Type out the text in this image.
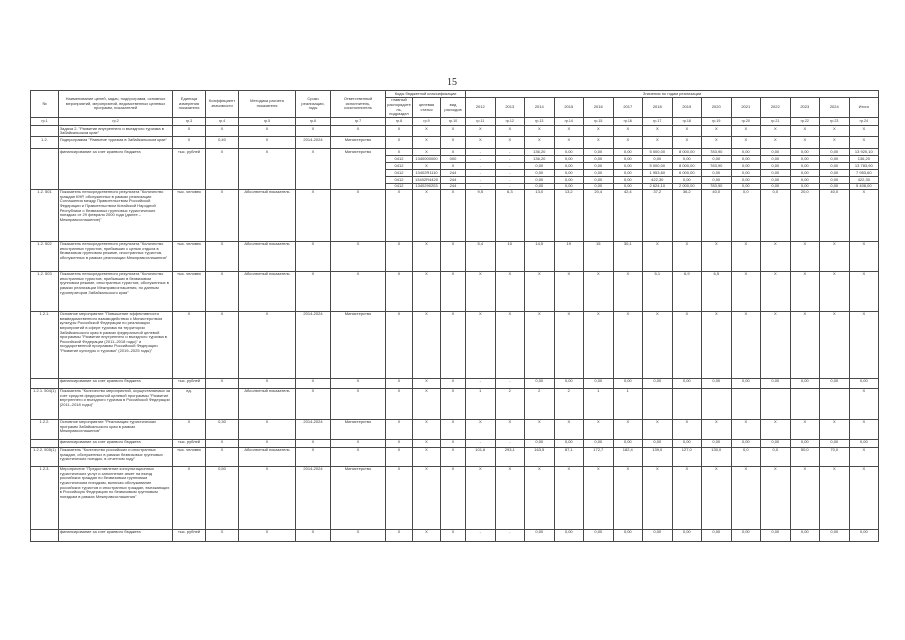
15
№	Наименование целей, задач, подпрограмм, основных мероприятий, мероприятий, ведомственных целевых программ, показателей	Единица измерения показателя	Коэффициент значимости	Методика расчета показателя	Сроки реализации, годы	Ответственный исполнитель, соисполнитель	Коды бюджетной классификации			Значения по годам реализации													
							главный распорядитель, подраздел	целевая статья	вид расходов	2012	2013	2014	2015	2016	2017	2018	2019	2020	2021	2022	2023	2024	Итого
гр.1	гр.2	гр.3	гр.4	гр.5	гр.6	гр.7	гр.8	гр.9	гр.10	гр.11	гр.12	гр.13	гр.14	гр.15	гр.16	гр.17	гр.18	гр.19	гр.20	гр.21	гр.22	гр.23	гр.24
	Задача 2. "Развитие внутреннего и въездного туризма в Забайкальском крае"	Х	Х	Х	Х	Х	Х	Х	Х	Х	Х	Х	Х	Х	Х	Х	Х	Х	Х	Х	Х	Х	Х
1.2.	Подпрограмма "Развитие туризма в Забайкальском крае"	Х	0,40	Х	2014-2024	Министерство	Х	Х	Х	Х	Х	Х	Х	Х	Х	Х	Х	Х	Х	Х	Х	Х	Х
	финансирование за счет краевого бюджета	тыс. рублей	Х	Х	Х	Министерство	Х	Х	Х	-	-	136,20	0,00	0,00	0,00	5 000,00	8 000,00	783,90	0,00	0,00	0,00	0,00	13 920,10
							0412	1340000000	000	-	-	136,20	0,00	0,00	0,00	0,00	0,00	0,00	0,00	0,00	0,00	0,00	136,20
							0412	Х	Х	-	-	0,00	0,00	0,00	0,00	5 000,00	8 000,00	783,90	0,00	0,00	0,00	0,00	13 783,90
							0412	13402R1110	244	-	-	0,00	0,00	0,00	0,00	1 953,60	6 000,00	0,00	0,00	0,00	0,00	0,00	7 953,60
							0412	13402R4420	244	-	-	0,00	0,00	0,00	0,00	422,30	0,00	0,00	0,00	0,00	0,00	0,00	422,30
							0412	1340290203	244	-	-	0,00	0,00	0,00	0,00	2 624,10	2 000,00	783,90	0,00	0,00	0,00	0,00	5 408,00
1.2. 501	Показатель непосредственного результата "Количество граждан КНР, обслуженных в рамках реализации Соглашения между Правительством Российской Федерации и Правительством Китайской Народной Республики о безвизовых групповых туристических поездках от 29 февраля 2000 года (далее – Межправсоглашение)"	тыс. человек	Х	Абсолютный показатель	Х	Х	Х	Х	Х	9,5	6,3	13,0	13,2	20,4	42,4	37,2	36,2	40,0	0,0	0,0	20,0	40,0	Х
1.2. 502	Показатель непосредственного результата "Количество иностранных туристов, прибывших с целью отдыха в безвизовом групповом режиме, иностранных туристов, обслуженных в рамках реализации Межправсоглашения"	тыс. человек	Х	Абсолютный показатель	Х	Х	Х	Х	Х	5,4	10	14,5	19	15	30,1	Х	Х	Х	Х	Х	Х	Х	Х
1.2. 503	Показатель непосредственного результата "Количество иностранных туристов, прибывших в безвизовом групповом режиме, иностранных туристов, обслуженных в рамках реализации Межправсоглашения, по данным туроператоров Забайкальского края"	тыс. человек	Х	Абсолютный показатель	Х	Х	Х	Х	Х	Х	Х	Х	Х	Х	Х	5,1	6,9	6,5	Х	Х	Х	Х	Х
1.2.1.	Основное мероприятие "Повышение эффективности межведомственного взаимодействия с Министерством культуры Российской Федерации по реализации мероприятий в сфере туризма на территории Забайкальского края в рамках федеральной целевой программы "Развитие внутреннего и въездного туризма в Российской Федерации (2011–2018 годы)" и государственной программы Российской Федерации "Развитие культуры и туризма" (2019–2025 годы)"	Х	Х	Х	2014-2024	Министерство	Х	Х	Х	Х	Х	Х	Х	Х	Х	Х	Х	Х	Х	Х	Х	Х	Х
	финансирование за счет краевого бюджета	тыс. рублей	Х	Х	Х	Х	Х	Х	Х	-	-	0,00	0,00	0,00	0,00	0,00	0,00	0,00	0,00	0,00	0,00	0,00	0,00
1.2.1. 504(1)	Показатель "Количество мероприятий, осуществляемых за счет средств федеральной целевой программы "Развитие внутреннего и въездного туризма в Российской Федерации (2011–2018 годы)"	ед.		Абсолютный показатель	Х	Х	Х	Х	Х	1	2	2	2	1	1								Х
1.2.2.	Основное мероприятие "Реализация туристических программ Забайкальского края в рамках Межправсоглашения"	Х	0,30	Х	2014-2024	Министерство	Х	Х	Х	Х	Х	Х	Х	Х	Х	Х	Х	Х	Х	Х	Х	Х	Х
	финансирование за счет краевого бюджета	тыс. рублей	Х	Х	Х	Х	Х	Х	Х	-	-	0,00	0,00	0,00	0,00	0,00	0,00	0,00	0,00	0,00	0,00	0,00	0,00
1.2.2. 505(1)	Показатель "Количество российских и иностранных граждан, обслуженных в рамках безвизовых групповых туристических поездок, в отчетном году"	тыс. человек	Х	Абсолютный показатель	Х	Х	Х	Х	Х	101,6	293,1	163,5	87,1	172,7	182,4	139,0	127,0	130,0	0,0	0,0	50,0	70,0	Х
1.2.3.	Мероприятие "Предоставление консультационных туристических услуг и заполнение анкет на въезд российских граждан по безвизовым групповым туристическим поездкам, включая обслуживание российских туристов и иностранных граждан, въезжающих в Российскую Федерацию по безвизовым групповым поездкам в рамках Межправсоглашения"	Х	0,50	Х	2014-2024	Министерство	Х	Х	Х	Х	Х	Х	Х	Х	Х	Х	Х	Х	Х	Х	Х	Х	Х
	финансирование за счет краевого бюджета	тыс. рублей	Х	Х	Х	Х	Х	Х	Х	-	-	0,00	0,00	0,00	0,00	0,00	0,00	0,00	0,00	0,00	0,00	0,00	0,00
